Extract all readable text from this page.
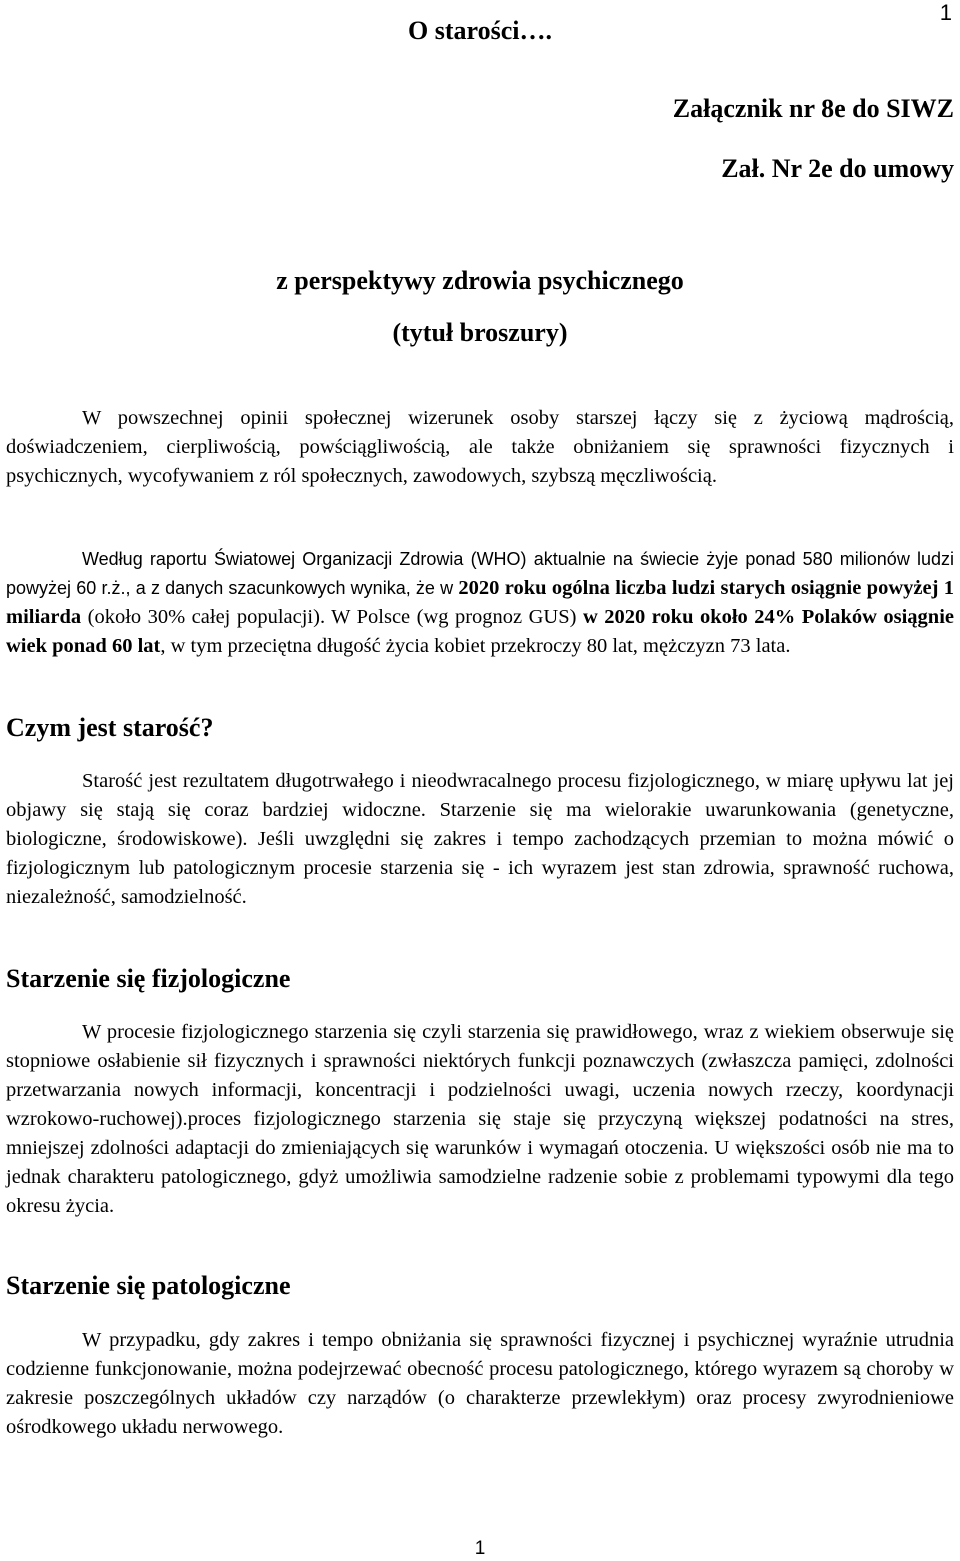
1
Załącznik nr 8e do SIWZ
Zał. Nr 2e do umowy
O starości….
z perspektywy zdrowia psychicznego
(tytuł broszury)

W powszechnej opinii społecznej wizerunek osoby starszej łączy się z życiową mądrością, doświadczeniem, cierpliwością, powściągliwością, ale także obniżaniem się sprawności fizycznych i psychicznych, wycofywaniem z ról społecznych, zawodowych, szybszą męczliwością.

Według raportu Światowej Organizacji Zdrowia (WHO) aktualnie na świecie żyje ponad 580 milionów ludzi powyżej 60 r.ż., a z danych szacunkowych wynika, że w 2020 roku ogólna liczba ludzi starych osiągnie powyżej 1 miliarda (około 30% całej populacji). W Polsce (wg prognoz GUS) w 2020 roku około 24% Polaków osiągnie wiek ponad 60 lat, w tym przeciętna długość życia kobiet przekroczy 80 lat, mężczyzn 73 lata.

Czym jest starość?

Starość jest rezultatem długotrwałego i nieodwracalnego procesu fizjologicznego, w miarę upływu lat jej objawy się stają się coraz bardziej widoczne. Starzenie się ma wielorakie uwarunkowania (genetyczne, biologiczne, środowiskowe). Jeśli uwzględni się zakres i tempo zachodzących przemian to można mówić o fizjologicznym lub patologicznym procesie starzenia się - ich wyrazem jest stan zdrowia, sprawność ruchowa, niezależność, samodzielność.

Starzenie się fizjologiczne

W procesie fizjologicznego starzenia się czyli starzenia się prawidłowego, wraz z wiekiem obserwuje się stopniowe osłabienie sił fizycznych i sprawności niektórych funkcji poznawczych (zwłaszcza pamięci, zdolności przetwarzania nowych informacji, koncentracji i podzielności uwagi, uczenia nowych rzeczy, koordynacji wzrokowo-ruchowej).proces fizjologicznego starzenia się staje się przyczyną większej podatności na stres, mniejszej zdolności adaptacji do zmieniających się warunków i wymagań otoczenia. U większości osób nie ma to jednak charakteru patologicznego, gdyż umożliwia samodzielne radzenie sobie z problemami typowymi dla tego okresu życia.

Starzenie się patologiczne

W przypadku, gdy zakres i tempo obniżania się sprawności fizycznej i psychicznej wyraźnie utrudnia codzienne funkcjonowanie, można podejrzewać obecność procesu patologicznego, którego wyrazem są choroby w zakresie poszczególnych układów czy narządów (o charakterze przewlekłym) oraz procesy zwyrodnieniowe ośrodkowego układu nerwowego.

1
